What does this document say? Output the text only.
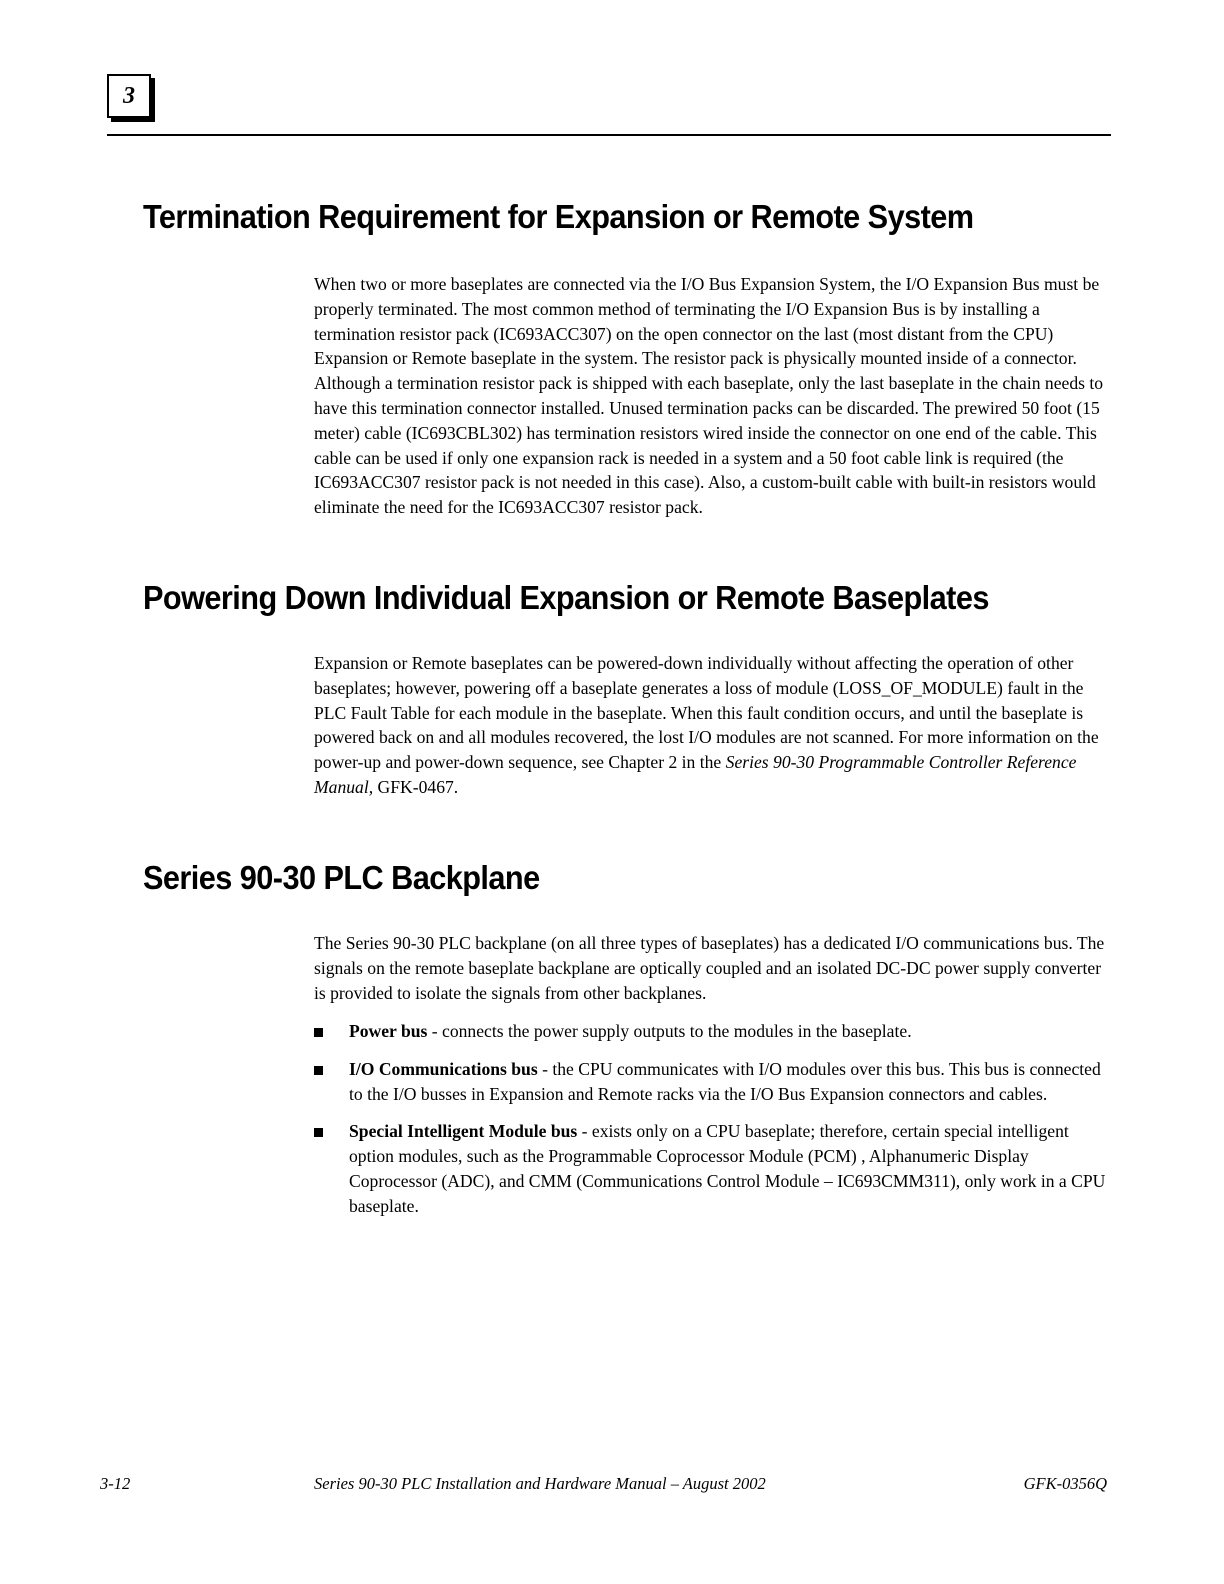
3
Termination Requirement for Expansion or Remote System

When two or more baseplates are connected via the I/O Bus Expansion System, the I/O Expansion Bus must be properly terminated. The most common method of terminating the I/O Expansion Bus is by installing a termination resistor pack (IC693ACC307) on the open connector on the last (most distant from the CPU) Expansion or Remote baseplate in the system. The resistor pack is physically mounted inside of a connector. Although a termination resistor pack is shipped with each baseplate, only the last baseplate in the chain needs to have this termination connector installed. Unused termination packs can be discarded. The prewired 50 foot (15 meter) cable (IC693CBL302) has termination resistors wired inside the connector on one end of the cable. This cable can be used if only one expansion rack is needed in a system and a 50 foot cable link is required (the IC693ACC307 resistor pack is not needed in this case). Also, a custom-built cable with built-in resistors would eliminate the need for the IC693ACC307 resistor pack.

Powering Down Individual Expansion or Remote Baseplates

Expansion or Remote baseplates can be powered-down individually without affecting the operation of other baseplates; however, powering off a baseplate generates a loss of module (LOSS_OF_MODULE) fault in the PLC Fault Table for each module in the baseplate. When this fault condition occurs, and until the baseplate is powered back on and all modules recovered, the lost I/O modules are not scanned. For more information on the power-up and power-down sequence, see Chapter 2 in the Series 90-30 Programmable Controller Reference Manual, GFK-0467.

Series 90-30 PLC Backplane

The Series 90-30 PLC backplane (on all three types of baseplates) has a dedicated I/O communications bus. The signals on the remote baseplate backplane are optically coupled and an isolated DC-DC power supply converter is provided to isolate the signals from other backplanes.

Power bus - connects the power supply outputs to the modules in the baseplate.
I/O Communications bus - the CPU communicates with I/O modules over this bus. This bus is connected to the I/O busses in Expansion and Remote racks via the I/O Bus Expansion connectors and cables.
Special Intelligent Module bus - exists only on a CPU baseplate; therefore, certain special intelligent option modules, such as the Programmable Coprocessor Module (PCM) , Alphanumeric Display Coprocessor (ADC), and CMM (Communications Control Module – IC693CMM311), only work in a CPU baseplate.
3-12	Series 90-30 PLC Installation and Hardware Manual – August 2002	GFK-0356Q
